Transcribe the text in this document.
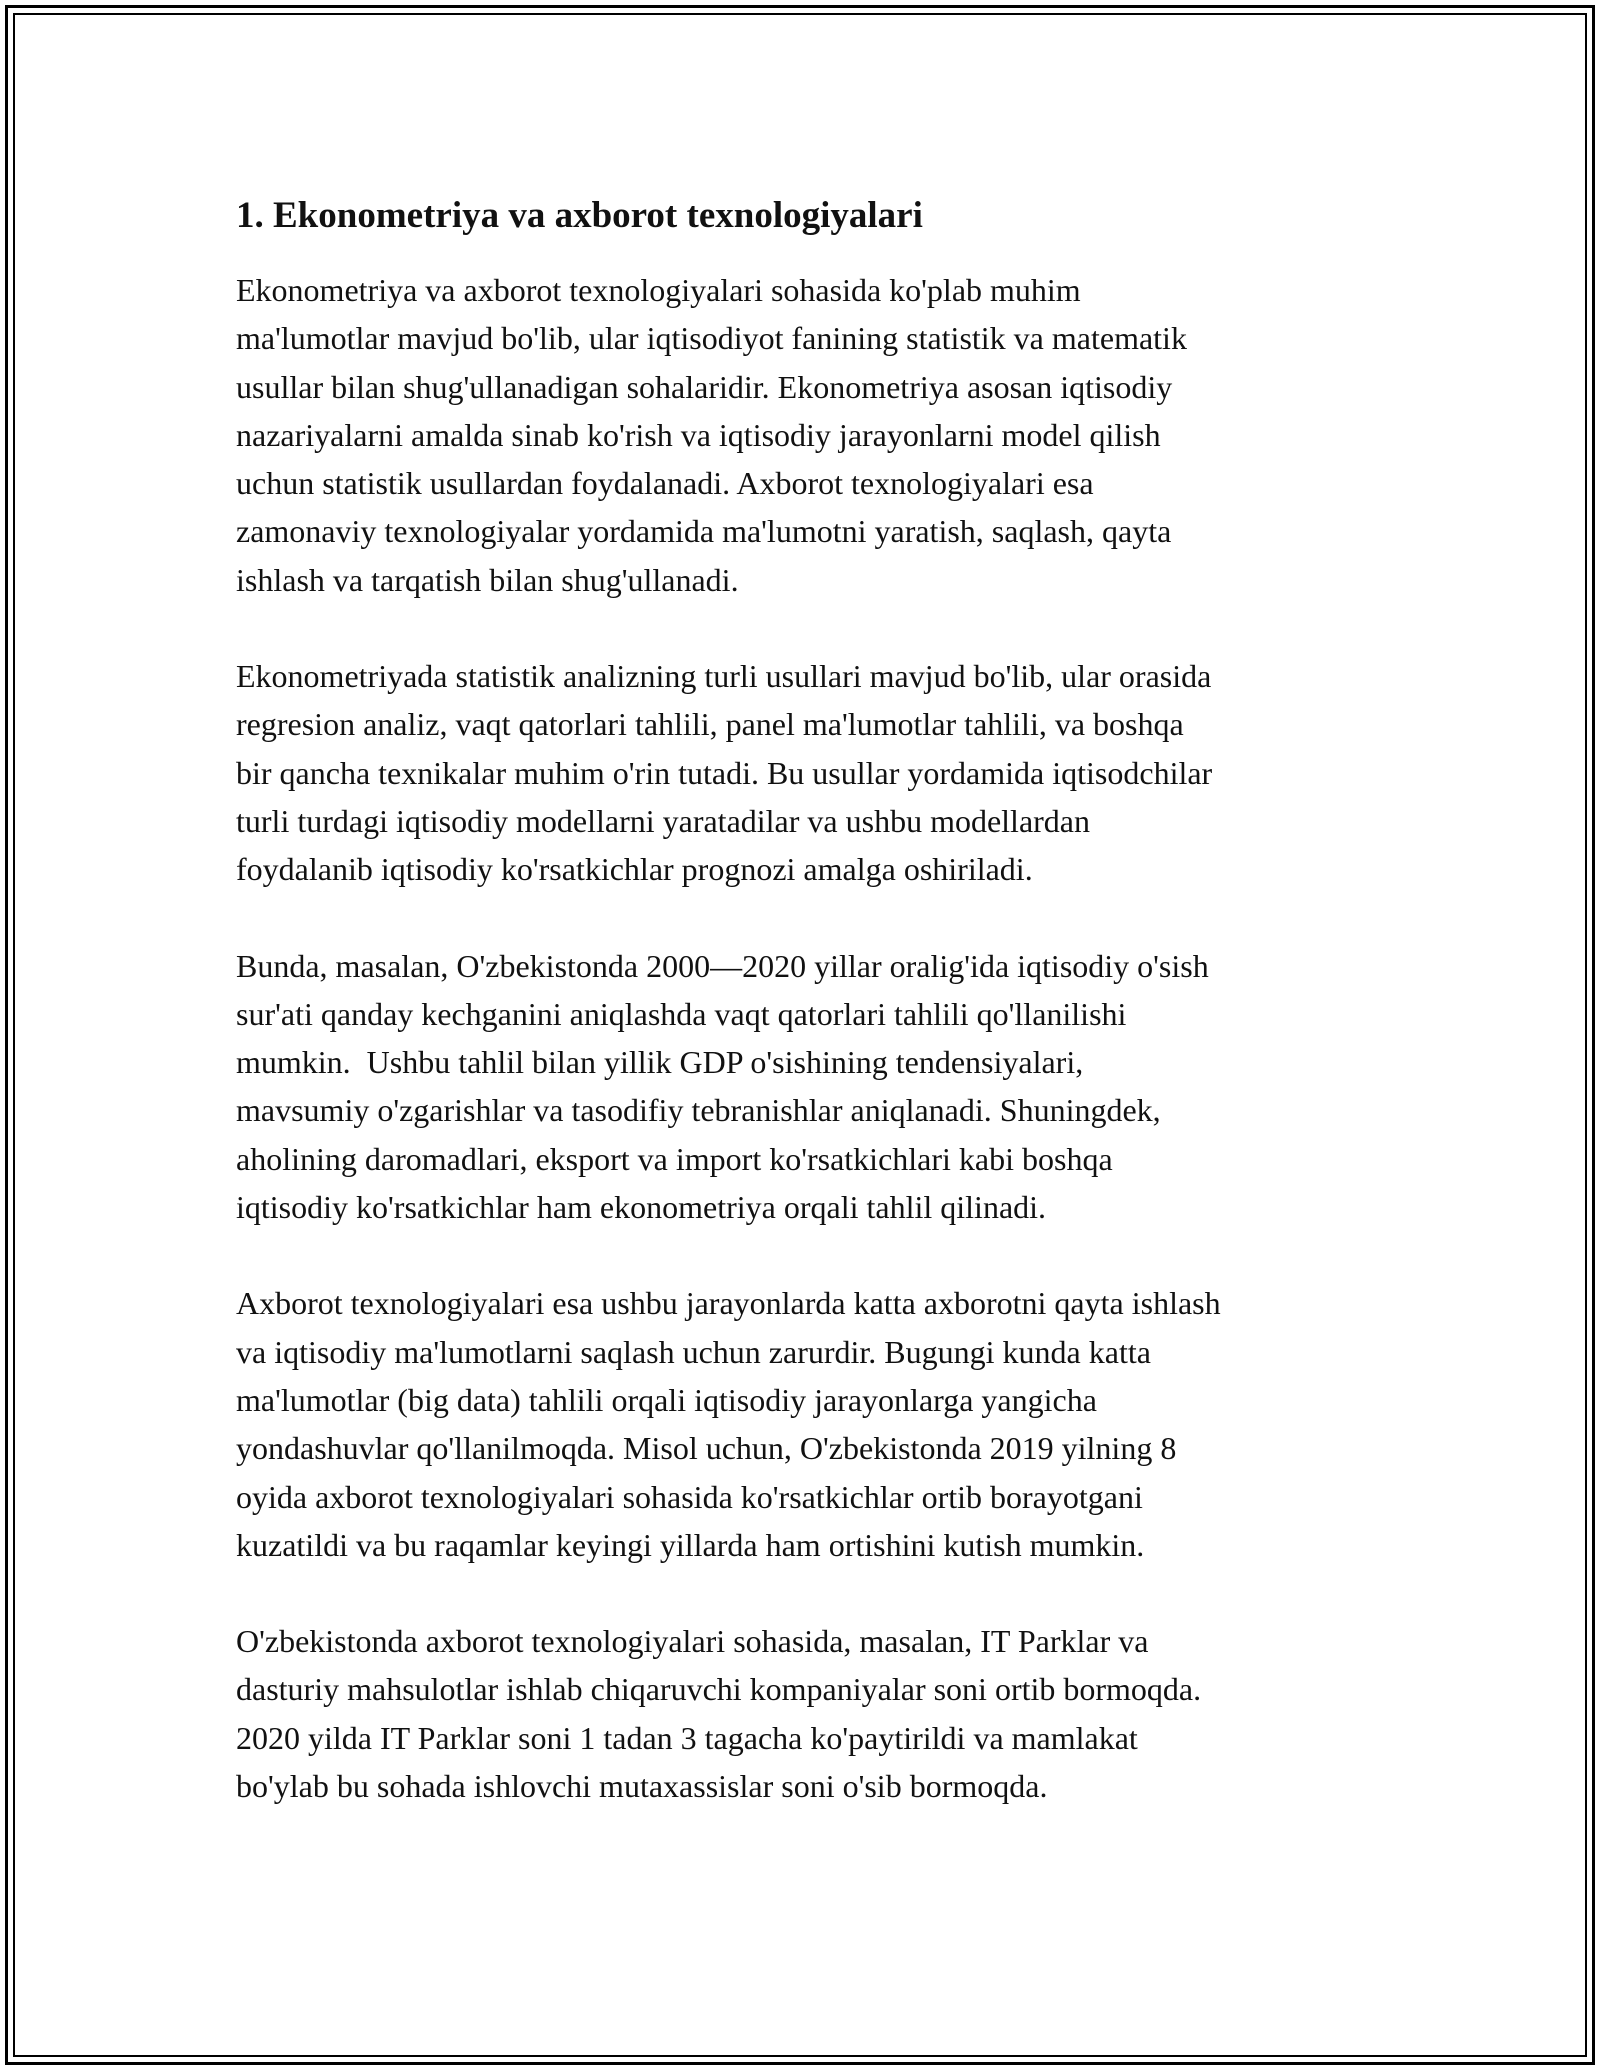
1. Ekonometriya va axborot texnologiyalari

Ekonometriya va axborot texnologiyalari sohasida ko'plab muhim
ma'lumotlar mavjud bo'lib, ular iqtisodiyot fanining statistik va matematik
usullar bilan shug'ullanadigan sohalaridir. Ekonometriya asosan iqtisodiy
nazariyalarni amalda sinab ko'rish va iqtisodiy jarayonlarni model qilish
uchun statistik usullardan foydalanadi. Axborot texnologiyalari esa
zamonaviy texnologiyalar yordamida ma'lumotni yaratish, saqlash, qayta
ishlash va tarqatish bilan shug'ullanadi.

Ekonometriyada statistik analizning turli usullari mavjud bo'lib, ular orasida
regresion analiz, vaqt qatorlari tahlili, panel ma'lumotlar tahlili, va boshqa
bir qancha texnikalar muhim o'rin tutadi. Bu usullar yordamida iqtisodchilar
turli turdagi iqtisodiy modellarni yaratadilar va ushbu modellardan
foydalanib iqtisodiy ko'rsatkichlar prognozi amalga oshiriladi.

Bunda, masalan, O'zbekistonda 2000—2020 yillar oralig'ida iqtisodiy o'sish
sur'ati qanday kechganini aniqlashda vaqt qatorlari tahlili qo'llanilishi
mumkin.  Ushbu tahlil bilan yillik GDP o'sishining tendensiyalari,
mavsumiy o'zgarishlar va tasodifiy tebranishlar aniqlanadi. Shuningdek,
aholining daromadlari, eksport va import ko'rsatkichlari kabi boshqa
iqtisodiy ko'rsatkichlar ham ekonometriya orqali tahlil qilinadi.

Axborot texnologiyalari esa ushbu jarayonlarda katta axborotni qayta ishlash
va iqtisodiy ma'lumotlarni saqlash uchun zarurdir. Bugungi kunda katta
ma'lumotlar (big data) tahlili orqali iqtisodiy jarayonlarga yangicha
yondashuvlar qo'llanilmoqda. Misol uchun, O'zbekistonda 2019 yilning 8
oyida axborot texnologiyalari sohasida ko'rsatkichlar ortib borayotgani
kuzatildi va bu raqamlar keyingi yillarda ham ortishini kutish mumkin.

O'zbekistonda axborot texnologiyalari sohasida, masalan, IT Parklar va
dasturiy mahsulotlar ishlab chiqaruvchi kompaniyalar soni ortib bormoqda.
2020 yilda IT Parklar soni 1 tadan 3 tagacha ko'paytirildi va mamlakat
bo'ylab bu sohada ishlovchi mutaxassislar soni o'sib bormoqda.
